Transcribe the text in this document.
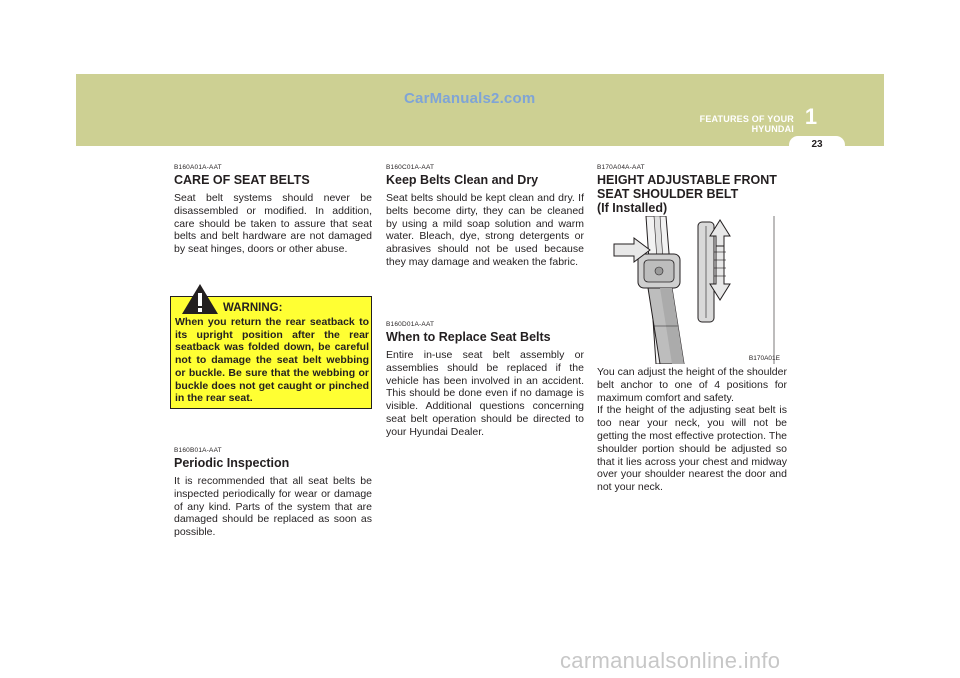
CarManuals2.com
1
FEATURES OF YOUR HYUNDAI
23
B160A01A-AAT
CARE OF SEAT BELTS
Seat belt systems should never be disassembled or modified. In addition, care should be taken to assure that seat belts and belt hardware are not damaged by seat hinges, doors or other abuse.
WARNING:
When you return the rear seatback to its upright position after the rear seatback was folded down, be careful not to damage the seat belt webbing or buckle. Be sure that the webbing or buckle does not get caught or pinched in the rear seat.
B160B01A-AAT
Periodic Inspection
It is recommended that all seat belts be inspected periodically for wear or damage of any kind. Parts of the system that are damaged should be replaced as soon as possible.
B160C01A-AAT
Keep Belts Clean and Dry
Seat belts should be kept clean and dry. If belts become dirty, they can be cleaned by using a mild soap solution and warm water. Bleach, dye, strong detergents or abrasives should not be used because they may damage and weaken the fabric.
B160D01A-AAT
When to Replace Seat Belts
Entire in-use seat belt assembly or assemblies should be replaced if the vehicle has been involved in an accident. This should be done even if no damage is visible. Additional questions concerning seat belt operation should be directed to your Hyundai Dealer.
B170A04A-AAT
HEIGHT ADJUSTABLE FRONT
SEAT SHOULDER BELT
(If Installed)
B170A01E
You can adjust the height of the shoulder belt anchor to one of 4 positions for maximum comfort and safety.
If the height of the adjusting seat belt is too near your neck, you will not be getting the most effective protection. The shoulder portion should be adjusted so that it lies across your chest and midway over your shoulder nearest the door and not your neck.
carmanualsonline.info
